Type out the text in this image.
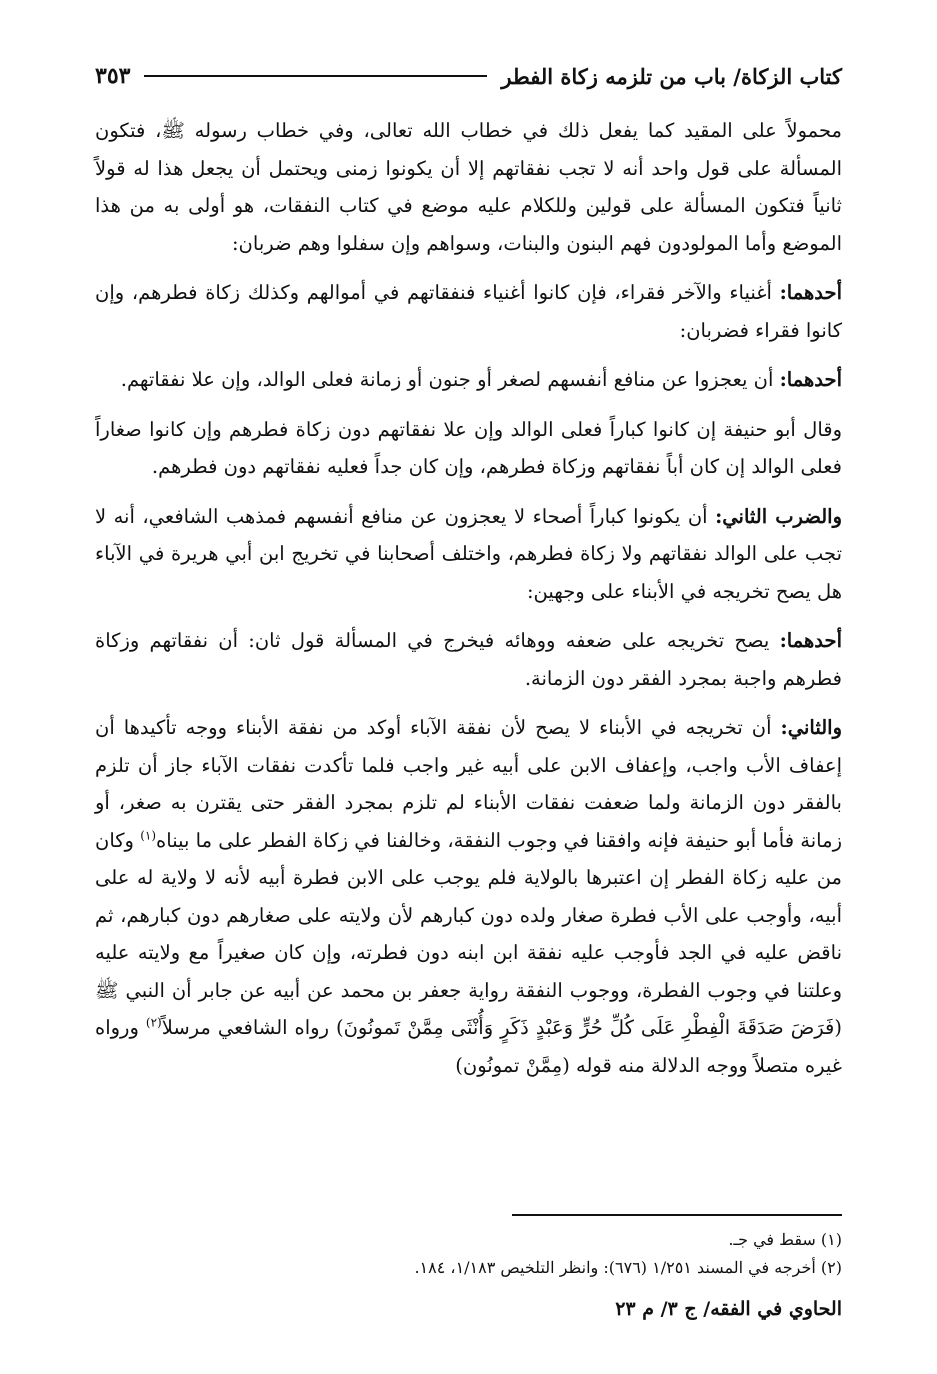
كتاب الزكاة/ باب من تلزمه زكاة الفطر
٣٥٣

محمولاً على المقيد كما يفعل ذلك في خطاب الله تعالى، وفي خطاب رسوله ﷺ، فتكون المسألة على قول واحد أنه لا تجب نفقاتهم إلا أن يكونوا زمنى ويحتمل أن يجعل هذا له قولاً ثانياً فتكون المسألة على قولين وللكلام عليه موضع في كتاب النفقات، هو أولى به من هذا الموضع وأما المولودون فهم البنون والبنات، وسواهم وإن سفلوا وهم ضربان:

أحدهما: أغنياء والآخر فقراء، فإن كانوا أغنياء فنفقاتهم في أموالهم وكذلك زكاة فطرهم، وإن كانوا فقراء فضربان:

أحدهما: أن يعجزوا عن منافع أنفسهم لصغر أو جنون أو زمانة فعلى الوالد، وإن علا نفقاتهم.

وقال أبو حنيفة إن كانوا كباراً فعلى الوالد وإن علا نفقاتهم دون زكاة فطرهم وإن كانوا صغاراً فعلى الوالد إن كان أباً نفقاتهم وزكاة فطرهم، وإن كان جداً فعليه نفقاتهم دون فطرهم.

والضرب الثاني: أن يكونوا كباراً أصحاء لا يعجزون عن منافع أنفسهم فمذهب الشافعي، أنه لا تجب على الوالد نفقاتهم ولا زكاة فطرهم، واختلف أصحابنا في تخريج ابن أبي هريرة في الآباء هل يصح تخريجه في الأبناء على وجهين:

أحدهما: يصح تخريجه على ضعفه ووهائه فيخرج في المسألة قول ثان: أن نفقاتهم وزكاة فطرهم واجبة بمجرد الفقر دون الزمانة.

والثاني: أن تخريجه في الأبناء لا يصح لأن نفقة الآباء أوكد من نفقة الأبناء ووجه تأكيدها أن إعفاف الأب واجب، وإعفاف الابن على أبيه غير واجب فلما تأكدت نفقات الآباء جاز أن تلزم بالفقر دون الزمانة ولما ضعفت نفقات الأبناء لم تلزم بمجرد الفقر حتى يقترن به صغر، أو زمانة فأما أبو حنيفة فإنه وافقنا في وجوب النفقة، وخالفنا في زكاة الفطر على ما بيناه$^{(١)}$ وكان من عليه زكاة الفطر إن اعتبرها بالولاية فلم يوجب على الابن فطرة أبيه لأنه لا ولاية له على أبيه، وأوجب على الأب فطرة صغار ولده دون كبارهم لأن ولايته على صغارهم دون كبارهم، ثم ناقض عليه في الجد فأوجب عليه نفقة ابن ابنه دون فطرته، وإن كان صغيراً مع ولايته عليه وعلتنا في وجوب الفطرة، ووجوب النفقة رواية جعفر بن محمد عن أبيه عن جابر أن النبي ﷺ (فَرَضَ صَدَقَةَ الْفِطْرِ عَلَى كُلِّ حُرٍّ وَعَبْدٍ ذَكَرٍ وَأُنْثَى مِمَّنْ تَمونُونَ) رواه الشافعي مرسلاً$^{(٢)}$ ورواه غيره متصلاً ووجه الدلالة منه قوله (مِمَّنْ تمونُون)

(١) سقط في جـ.
(٢) أخرجه في المسند ١/٢٥١ (٦٧٦): وانظر التلخيص ١/١٨٣، ١٨٤.
الحاوي في الفقه/ ج ٣/ م ٢٣
